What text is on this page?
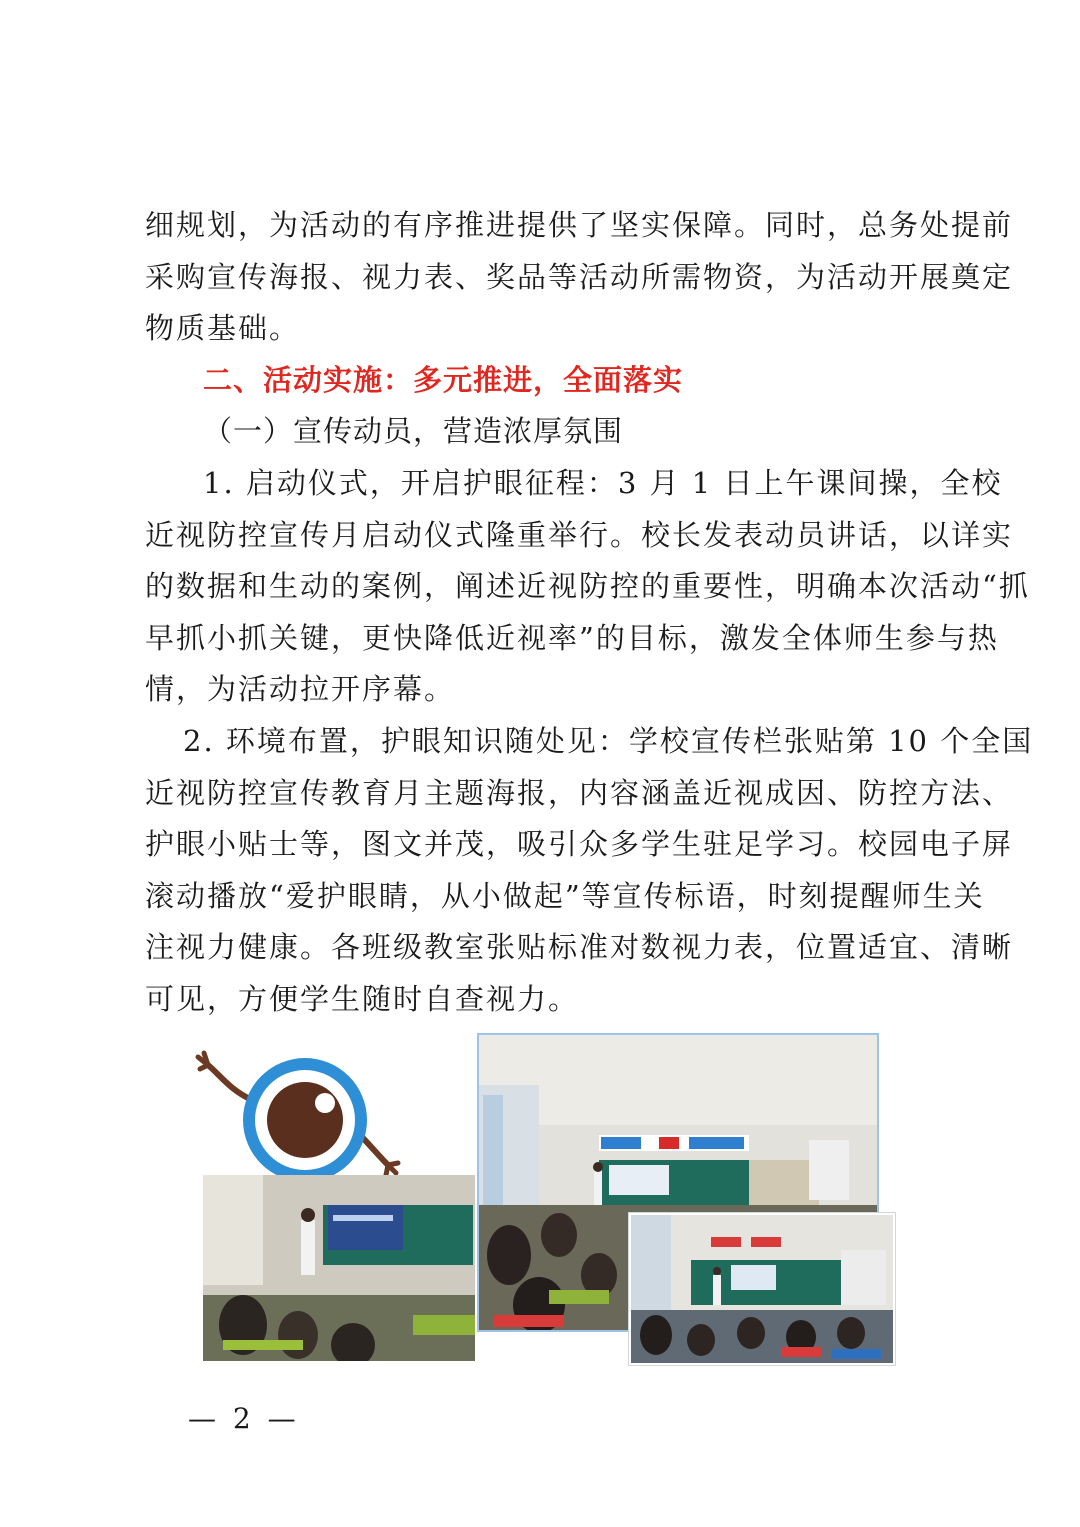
细规划，为活动的有序推进提供了坚实保障。同时，总务处提前
采购宣传海报、视力表、奖品等活动所需物资，为活动开展奠定
物质基础。
二、活动实施：多元推进，全面落实
（一）宣传动员，营造浓厚氛围
1. 启动仪式，开启护眼征程：3 月 1 日上午课间操，全校
近视防控宣传月启动仪式隆重举行。校长发表动员讲话，以详实
的数据和生动的案例，阐述近视防控的重要性，明确本次活动“抓
早抓小抓关键，更快降低近视率”的目标，激发全体师生参与热
情，为活动拉开序幕。
2. 环境布置，护眼知识随处见：学校宣传栏张贴第 10 个全国
近视防控宣传教育月主题海报，内容涵盖近视成因、防控方法、
护眼小贴士等，图文并茂，吸引众多学生驻足学习。校园电子屏
滚动播放“爱护眼睛，从小做起”等宣传标语，时刻提醒师生关
注视力健康。各班级教室张贴标准对数视力表，位置适宜、清晰
可见，方便学生随时自查视力。
— 2 —
